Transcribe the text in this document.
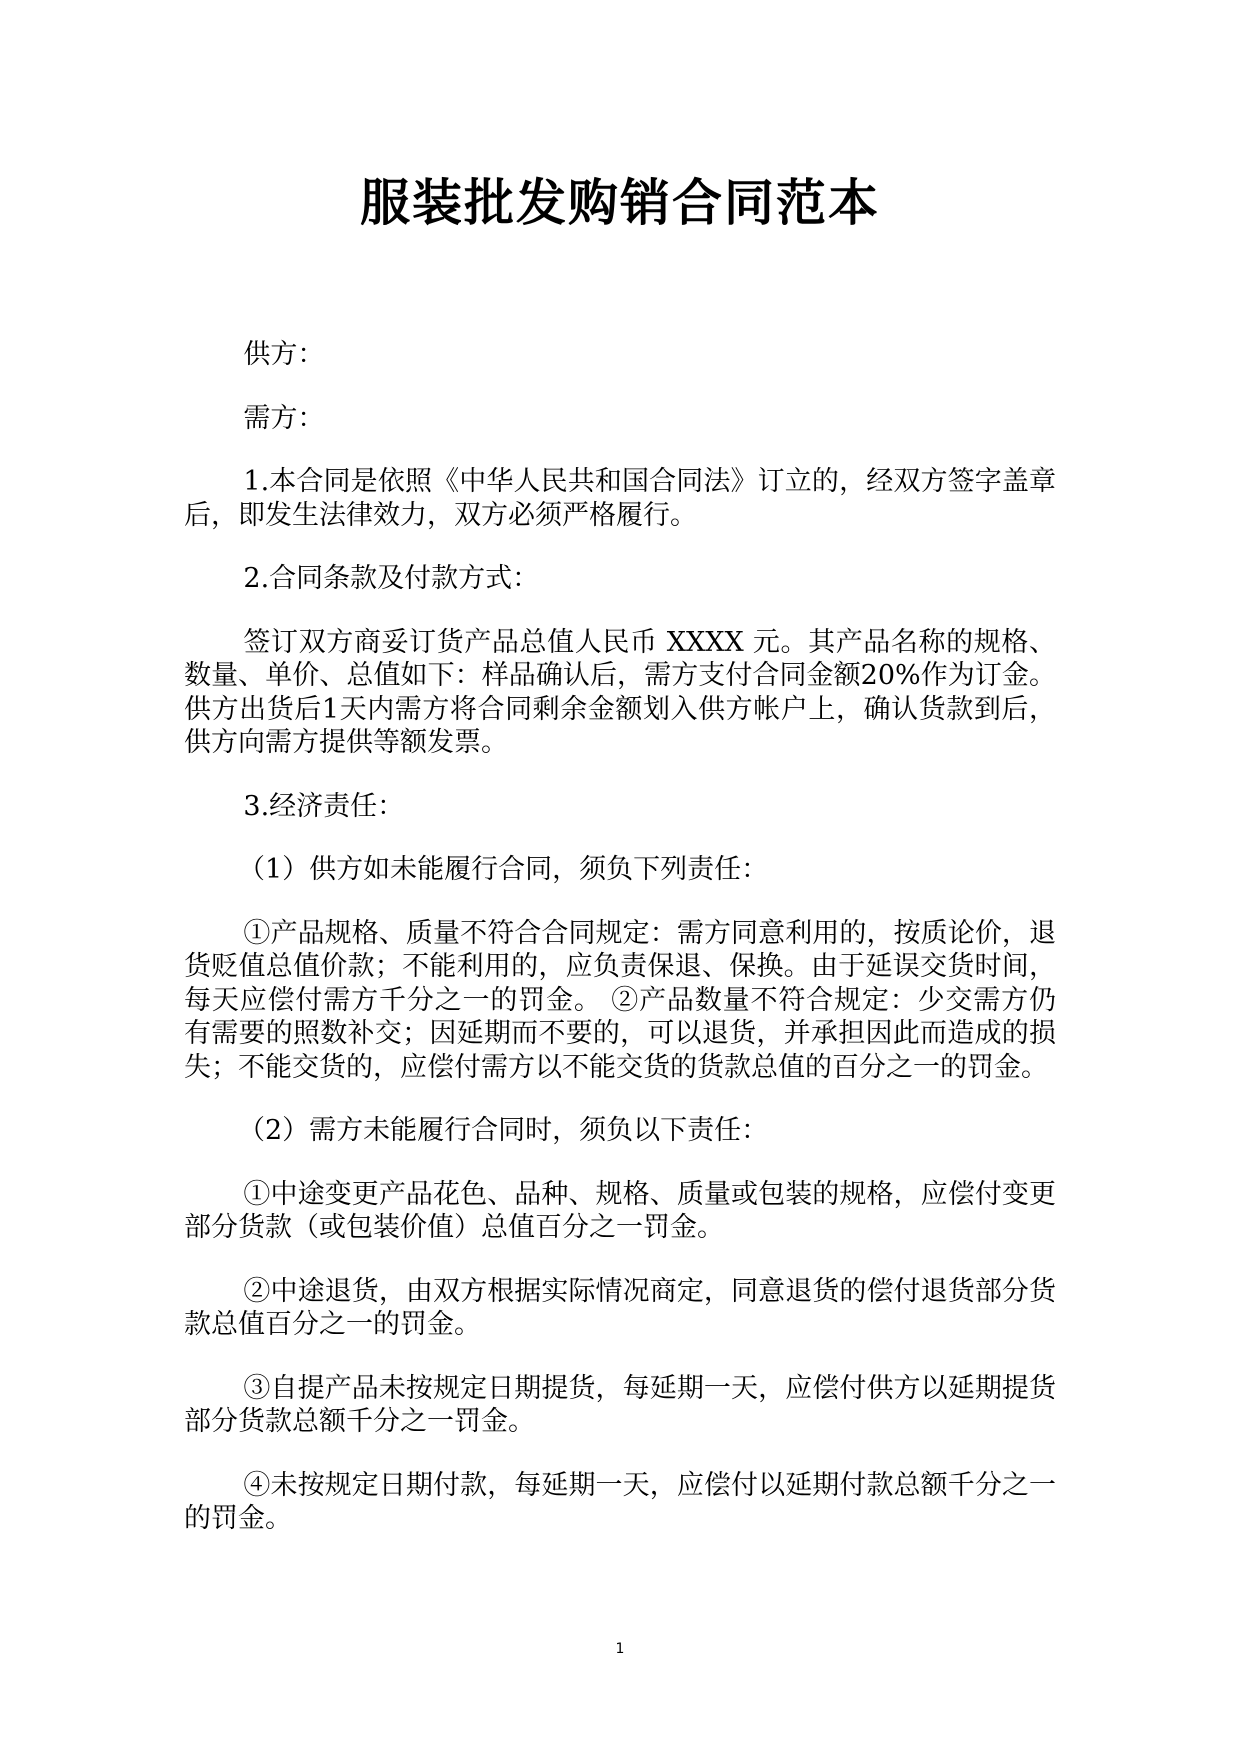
服装批发购销合同范本

供方：

需方：

1.本合同是依照《中华人民共和国合同法》订立的，经双方签字盖章后，即发生法律效力，双方必须严格履行。

2.合同条款及付款方式：

签订双方商妥订货产品总值人民币 XXXX 元。其产品名称的规格、数量、单价、总值如下：样品确认后，需方支付合同金额20%作为订金。供方出货后1天内需方将合同剩余金额划入供方帐户上，确认货款到后，供方向需方提供等额发票。

3.经济责任：

（1）供方如未能履行合同，须负下列责任：

①产品规格、质量不符合合同规定：需方同意利用的，按质论价，退货贬值总值价款；不能利用的，应负责保退、保换。由于延误交货时间，每天应偿付需方千分之一的罚金。 ②产品数量不符合规定：少交需方仍有需要的照数补交；因延期而不要的，可以退货，并承担因此而造成的损失；不能交货的，应偿付需方以不能交货的货款总值的百分之一的罚金。

（2）需方未能履行合同时，须负以下责任：

①中途变更产品花色、品种、规格、质量或包装的规格，应偿付变更部分货款（或包装价值）总值百分之一罚金。

②中途退货，由双方根据实际情况商定，同意退货的偿付退货部分货款总值百分之一的罚金。

③自提产品未按规定日期提货，每延期一天，应偿付供方以延期提货部分货款总额千分之一罚金。

④未按规定日期付款，每延期一天，应偿付以延期付款总额千分之一的罚金。

1
